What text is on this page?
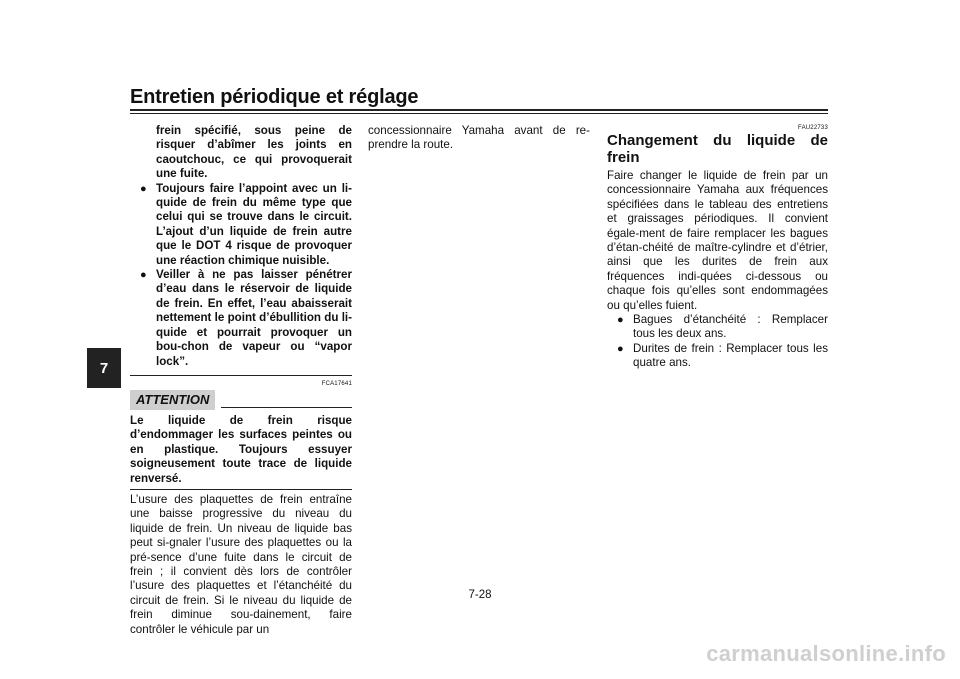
Entretien périodique et réglage
7
frein spécifié, sous peine de risquer d’abîmer les joints en caoutchouc, ce qui provoquerait une fuite.
● Toujours faire l’appoint avec un li-quide de frein du même type que celui qui se trouve dans le circuit. L’ajout d’un liquide de frein autre que le DOT 4 risque de provoquer une réaction chimique nuisible.
● Veiller à ne pas laisser pénétrer d’eau dans le réservoir de liquide de frein. En effet, l’eau abaisserait nettement le point d’ébullition du li-quide et pourrait provoquer un bou-chon de vapeur ou “vapor lock”.
FCA17641
ATTENTION
Le liquide de frein risque d’endommager les surfaces peintes ou en plastique. Toujours essuyer soigneusement toute trace de liquide renversé.
L’usure des plaquettes de frein entraîne une baisse progressive du niveau du liquide de frein. Un niveau de liquide bas peut si-gnaler l’usure des plaquettes ou la pré-sence d’une fuite dans le circuit de frein ; il convient dès lors de contrôler l’usure des plaquettes et l’étanchéité du circuit de frein. Si le niveau du liquide de frein diminue sou-dainement, faire contrôler le véhicule par un
concessionnaire Yamaha avant de re-prendre la route.
FAU22733
Changement du liquide de frein
Faire changer le liquide de frein par un concessionnaire Yamaha aux fréquences spécifiées dans le tableau des entretiens et graissages périodiques. Il convient égale-ment de faire remplacer les bagues d’étan-chéité de maître-cylindre et d’étrier, ainsi que les durites de frein aux fréquences indi-quées ci-dessous ou chaque fois qu’elles sont endommagées ou qu’elles fuient.
● Bagues d’étanchéité : Remplacer tous les deux ans.
● Durites de frein : Remplacer tous les quatre ans.
7-28
carmanualsonline.info
